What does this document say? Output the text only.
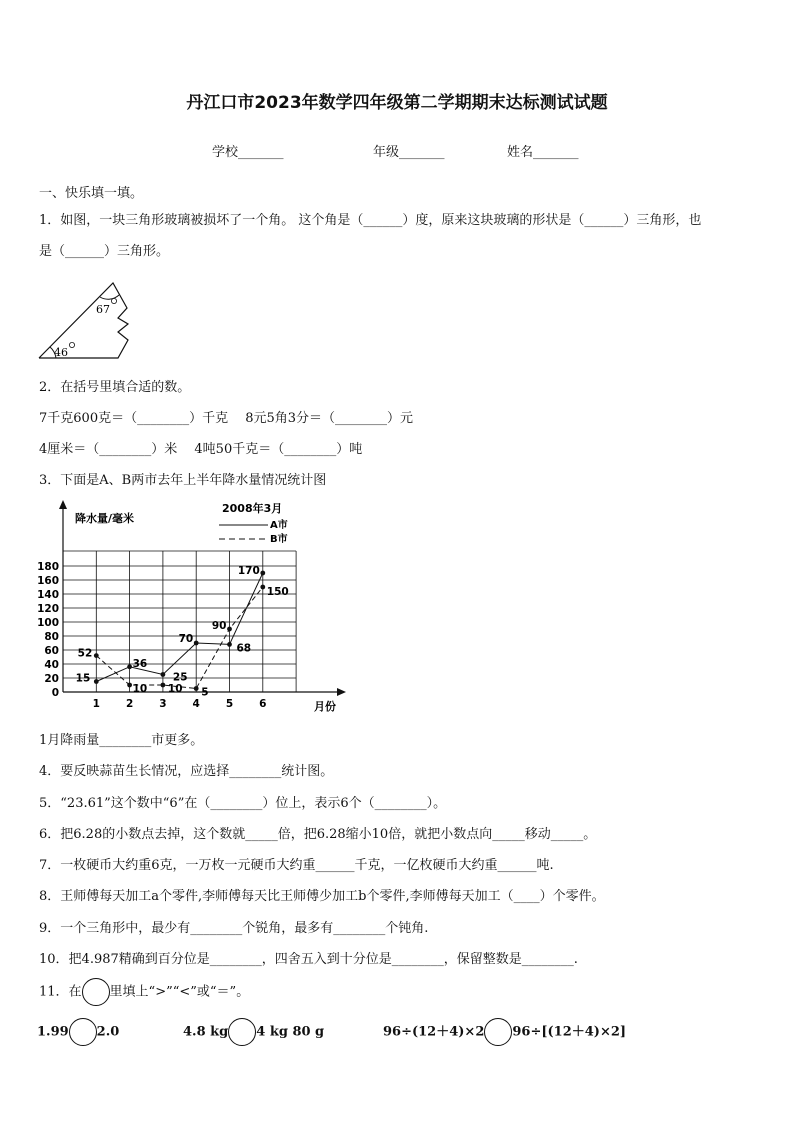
丹江口市2023年数学四年级第二学期期末达标测试试题
学校_______	年级_______	姓名_______
一、快乐填一填。
1．如图，一块三角形玻璃被损坏了一个角。 这个角是（______）度，原来这块玻璃的形状是（______）三角形，也
是（______）三角形。
46
67
2．在括号里填合适的数。
7千克600克＝（________）千克　 8元5角3分＝（________）元
4厘米＝（________）米　 4吨50千克＝（________）吨
3．下面是A、B两市去年上半年降水量情况统计图
降水量/毫米
月份
2008年3月
A市
B市
0
20
40
60
80
100
120
140
160
180
1 2 3 4 5 6
15
36
25
70
68
170
52
10 10 5
90
150
1月降雨量________市更多。
4．要反映蒜苗生长情况，应选择________统计图。
5．“23.61”这个数中“6”在（________）位上，表示6个（________）。
6．把6.28的小数点去掉，这个数就_____倍，把6.28缩小10倍，就把小数点向_____移动_____。
7．一枚硬币大约重6克，一万枚一元硬币大约重______千克，一亿枚硬币大约重______吨.
8．王师傅每天加工a个零件,李师傅每天比王师傅少加工b个零件,李师傅每天加工（____）个零件。
9．一个三角形中，最少有________个锐角，最多有________个钝角.
10．把4.987精确到百分位是________，四舍五入到十分位是________，保留整数是________.
11．在 里填上“>”“<”或“＝”。
1.99 2.0	4.8 kg 4 kg 80 g	96÷(12＋4)×2 96÷[(12＋4)×2]
